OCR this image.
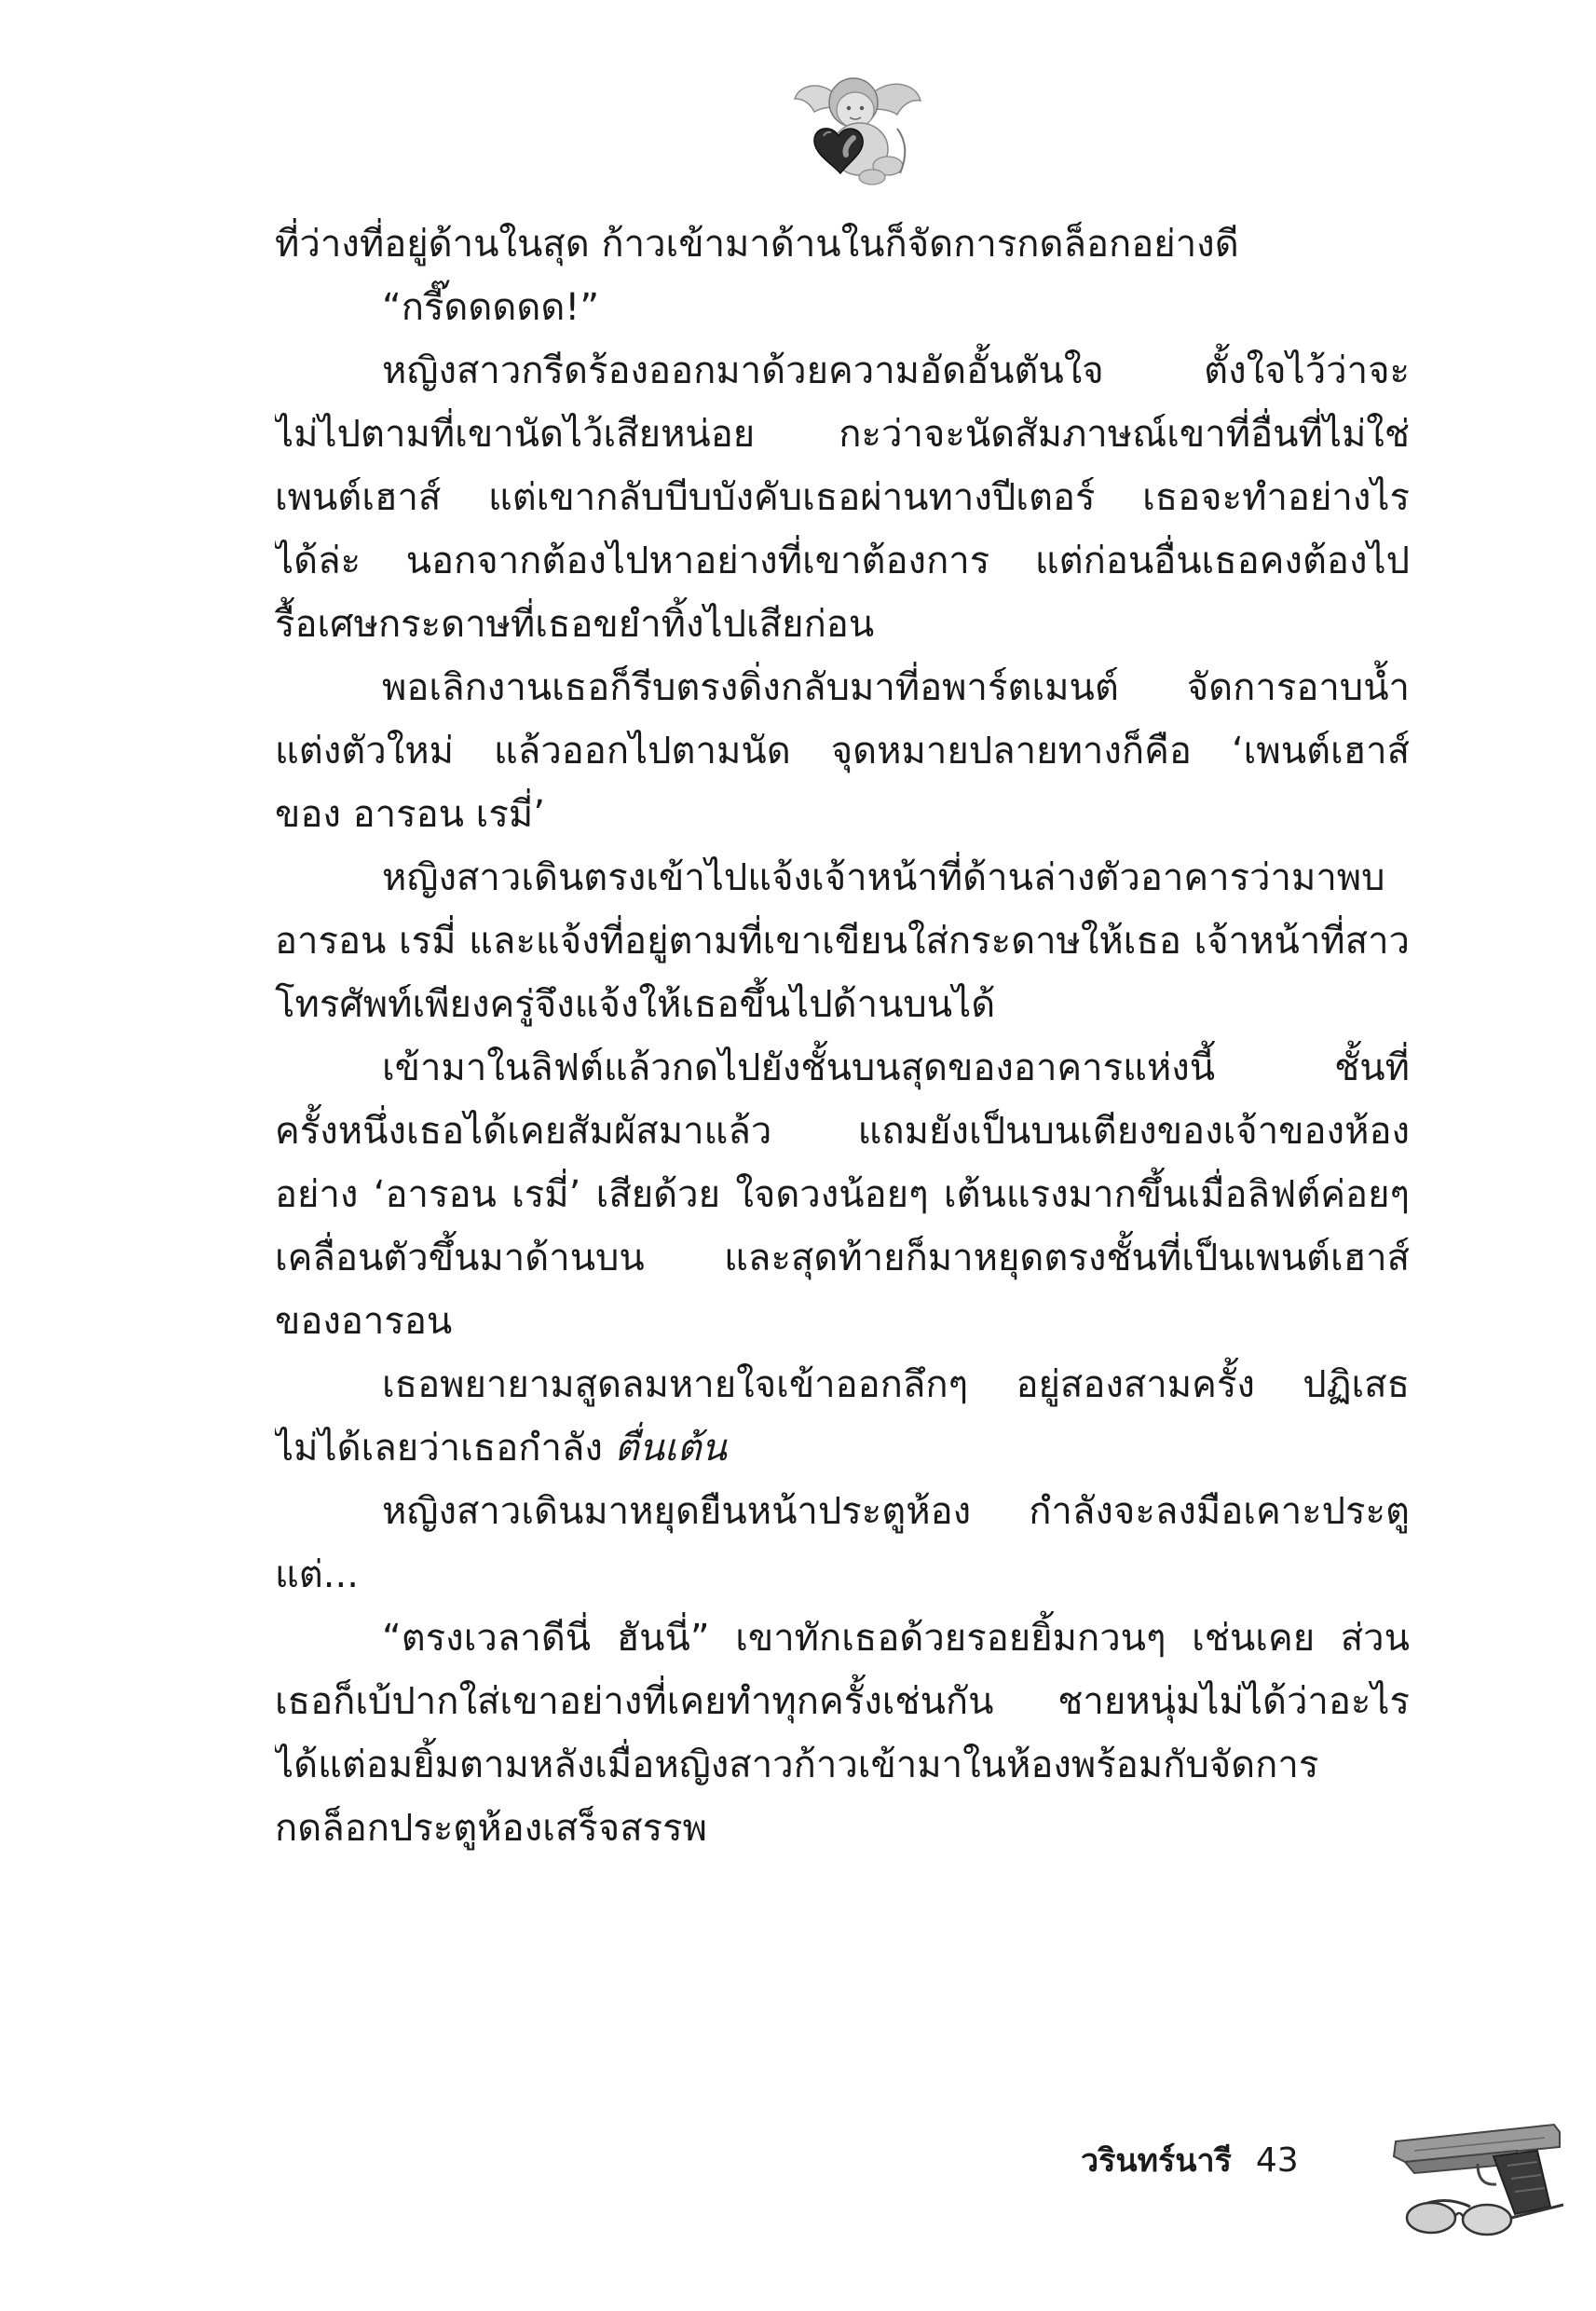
ที่ว่างที่อยู่ด้านในสุด ก้าวเข้ามาด้านในก็จัดการกดล็อกอย่างดี
“กรี๊ดดดดด!”
หญิงสาวกรีดร้องออกมาด้วยความอัดอั้นตันใจ ตั้งใจไว้ว่าจะ
ไม่ไปตามที่เขานัดไว้เสียหน่อย กะว่าจะนัดสัมภาษณ์เขาที่อื่นที่ไม่ใช่
เพนต์เฮาส์ แต่เขากลับบีบบังคับเธอผ่านทางปีเตอร์ เธอจะทำอย่างไร
ได้ล่ะ นอกจากต้องไปหาอย่างที่เขาต้องการ แต่ก่อนอื่นเธอคงต้องไป
รื้อเศษกระดาษที่เธอขยำทิ้งไปเสียก่อน
พอเลิกงานเธอก็รีบตรงดิ่งกลับมาที่อพาร์ตเมนต์ จัดการอาบน้ำ
แต่งตัวใหม่ แล้วออกไปตามนัด จุดหมายปลายทางก็คือ ‘เพนต์เฮาส์
ของ อารอน เรมี่’
หญิงสาวเดินตรงเข้าไปแจ้งเจ้าหน้าที่ด้านล่างตัวอาคารว่ามาพบ
อารอน เรมี่ และแจ้งที่อยู่ตามที่เขาเขียนใส่กระดาษให้เธอ เจ้าหน้าที่สาว
โทรศัพท์เพียงครู่จึงแจ้งให้เธอขึ้นไปด้านบนได้
เข้ามาในลิฟต์แล้วกดไปยังชั้นบนสุดของอาคารแห่งนี้ ชั้นที่
ครั้งหนึ่งเธอได้เคยสัมผัสมาแล้ว แถมยังเป็นบนเตียงของเจ้าของห้อง
อย่าง ‘อารอน เรมี่’ เสียด้วย ใจดวงน้อยๆ เต้นแรงมากขึ้นเมื่อลิฟต์ค่อยๆ
เคลื่อนตัวขึ้นมาด้านบน และสุดท้ายก็มาหยุดตรงชั้นที่เป็นเพนต์เฮาส์
ของอารอน
เธอพยายามสูดลมหายใจเข้าออกลึกๆ อยู่สองสามครั้ง ปฏิเสธ
ไม่ได้เลยว่าเธอกำลัง ตื่นเต้น
หญิงสาวเดินมาหยุดยืนหน้าประตูห้อง กำลังจะลงมือเคาะประตู
แต่...
“ตรงเวลาดีนี่ ฮันนี่” เขาทักเธอด้วยรอยยิ้มกวนๆ เช่นเคย ส่วน
เธอก็เบ้ปากใส่เขาอย่างที่เคยทำทุกครั้งเช่นกัน ชายหนุ่มไม่ได้ว่าอะไร
ได้แต่อมยิ้มตามหลังเมื่อหญิงสาวก้าวเข้ามาในห้องพร้อมกับจัดการ
กดล็อกประตูห้องเสร็จสรรพ
วรินทร์นารี 43
